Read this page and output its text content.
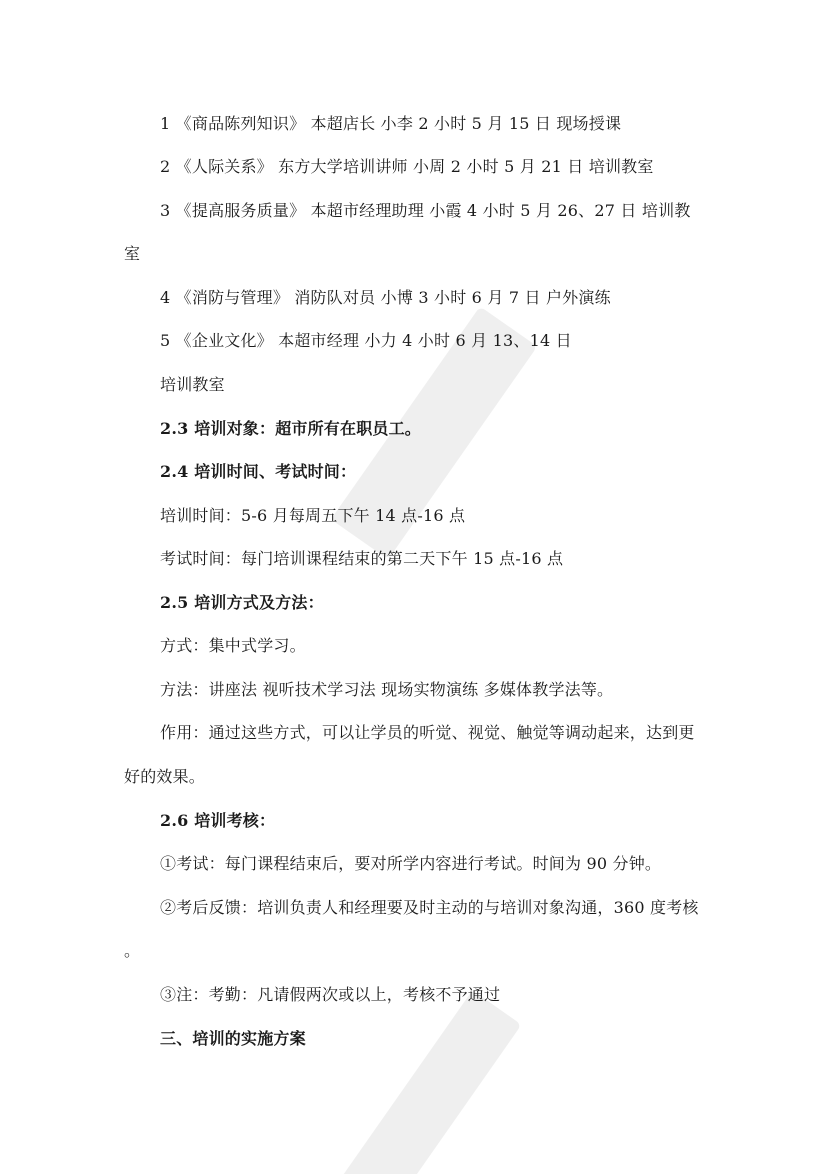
1 《商品陈列知识》 本超店长 小李 2 小时 5 月 15 日 现场授课
2 《人际关系》 东方大学培训讲师 小周 2 小时 5 月 21 日 培训教室
3 《提高服务质量》 本超市经理助理 小霞 4 小时 5 月 26、27 日 培训教
室
4 《消防与管理》 消防队对员 小博 3 小时 6 月 7 日 户外演练
5 《企业文化》 本超市经理 小力 4 小时 6 月 13、14 日
培训教室
2.3 培训对象：超市所有在职员工。
2.4 培训时间、考试时间：
培训时间：5-6 月每周五下午 14 点-16 点
考试时间：每门培训课程结束的第二天下午 15 点-16 点
2.5 培训方式及方法：
方式：集中式学习。
方法：讲座法 视听技术学习法 现场实物演练 多媒体教学法等。
作用：通过这些方式，可以让学员的听觉、视觉、触觉等调动起来，达到更
好的效果。
2.6 培训考核：
①考试：每门课程结束后，要对所学内容进行考试。时间为 90 分钟。
②考后反馈：培训负责人和经理要及时主动的与培训对象沟通，360 度考核
。
③注：考勤：凡请假两次或以上，考核不予通过
三、培训的实施方案
